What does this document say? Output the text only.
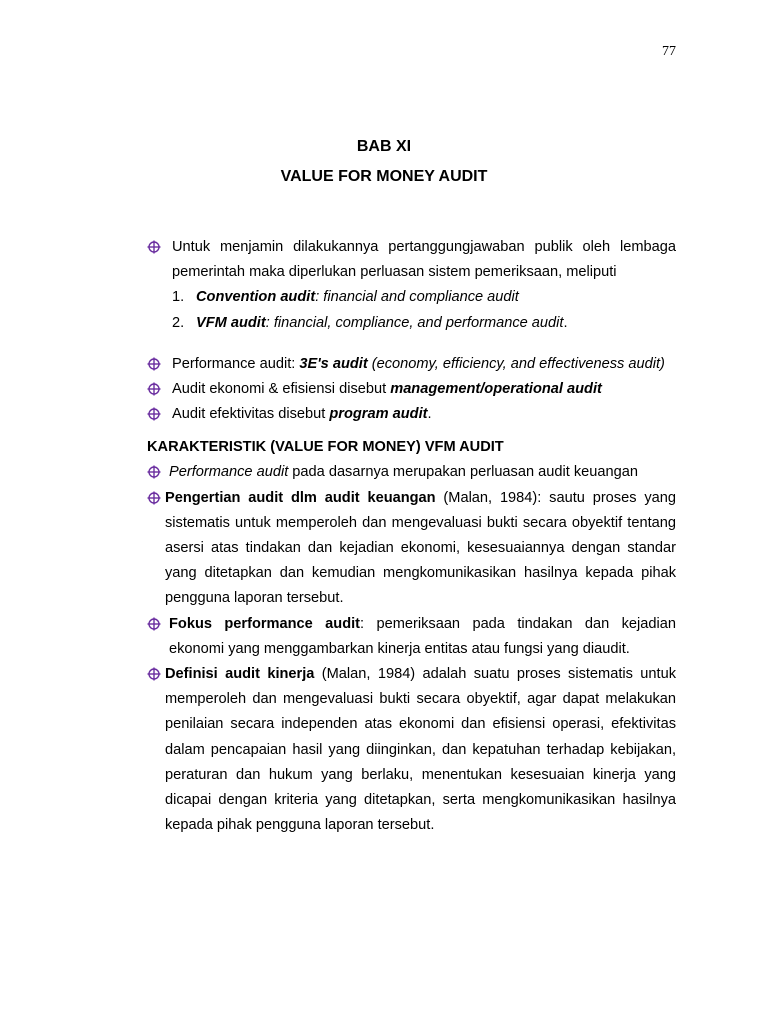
77
BAB XI
VALUE FOR MONEY AUDIT
Untuk menjamin dilakukannya pertanggungjawaban publik oleh lembaga pemerintah maka diperlukan perluasan sistem pemeriksaan, meliputi
1. Convention audit: financial and compliance audit
2. VFM audit: financial, compliance, and performance audit.
Performance audit: 3E's audit (economy, efficiency, and effectiveness audit)
Audit ekonomi & efisiensi disebut management/operational audit
Audit efektivitas disebut program audit.
KARAKTERISTIK (VALUE FOR MONEY) VFM AUDIT
Performance audit pada dasarnya merupakan perluasan audit keuangan
Pengertian audit dlm audit keuangan (Malan, 1984): sautu proses yang sistematis untuk memperoleh dan mengevaluasi bukti secara obyektif tentang asersi atas tindakan dan kejadian ekonomi, kesesuaiannya dengan standar yang ditetapkan dan kemudian mengkomunikasikan hasilnya kepada pihak pengguna laporan tersebut.
Fokus performance audit: pemeriksaan pada tindakan dan kejadian ekonomi yang menggambarkan kinerja entitas atau fungsi yang diaudit.
Definisi audit kinerja (Malan, 1984) adalah suatu proses sistematis untuk memperoleh dan mengevaluasi bukti secara obyektif, agar dapat melakukan penilaian secara independen atas ekonomi dan efisiensi operasi, efektivitas dalam pencapaian hasil yang diinginkan, dan kepatuhan terhadap kebijakan, peraturan dan hukum yang berlaku, menentukan kesesuaian kinerja yang dicapai dengan kriteria yang ditetapkan, serta mengkomunikasikan hasilnya kepada pihak pengguna laporan tersebut.
